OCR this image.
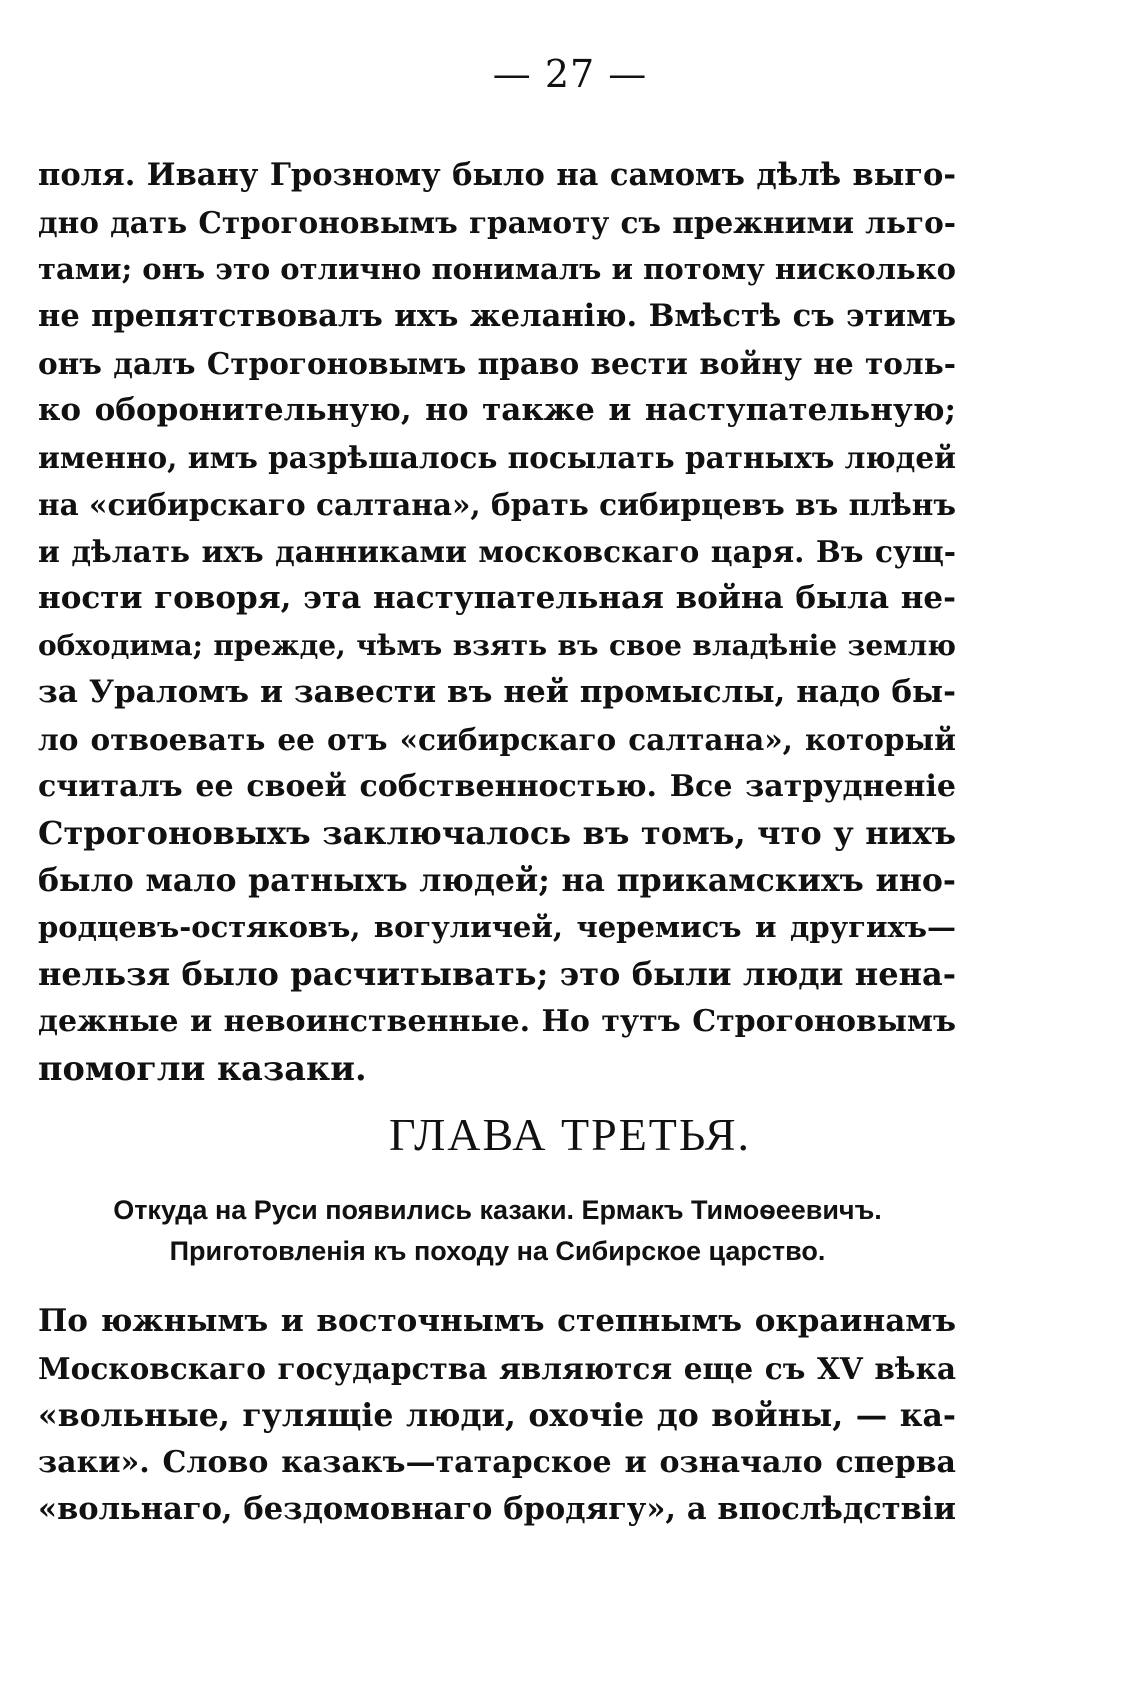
— 27 —
поля. Ивану Грозному было на самомъ дѣлѣ выго-
дно дать Строгоновымъ грамоту съ прежними льго-
тами; онъ это отлично понималъ и потому нисколько
не препятствовалъ ихъ желанію. Вмѣстѣ съ этимъ
онъ далъ Строгоновымъ право вести войну не толь-
ко оборонительную, но также и наступательную;
именно, имъ разрѣшалось посылать ратныхъ людей
на «сибирскаго салтана», брать сибирцевъ въ плѣнъ
и дѣлать ихъ данниками московскаго царя. Въ сущ-
ности говоря, эта наступательная война была не-
обходима; прежде, чѣмъ взять въ свое владѣніе землю
за Ураломъ и завести въ ней промыслы, надо бы-
ло отвоевать ее отъ «сибирскаго салтана», который
считалъ ее своей собственностью. Все затрудненіе
Строгоновыхъ заключалось въ томъ, что у нихъ
было мало ратныхъ людей; на прикамскихъ ино-
родцевъ-остяковъ, вогуличей, черемисъ и другихъ—
нельзя было расчитывать; это были люди нена-
дежные и невоинственные. Но тутъ Строгоновымъ
помогли казаки.
ГЛАВА ТРЕТЬЯ.
Откуда на Руси появились казаки. Ермакъ Тимоѳеевичъ.
Приготовленія къ походу на Сибирское царство.
По южнымъ и восточнымъ степнымъ окраинамъ
Московскаго государства являются еще съ XV вѣка
«вольные, гулящіе люди, охочіе до войны, — ка-
заки». Слово казакъ—татарское и означало сперва
«вольнаго, бездомовнаго бродягу», а впослѣдствіи
